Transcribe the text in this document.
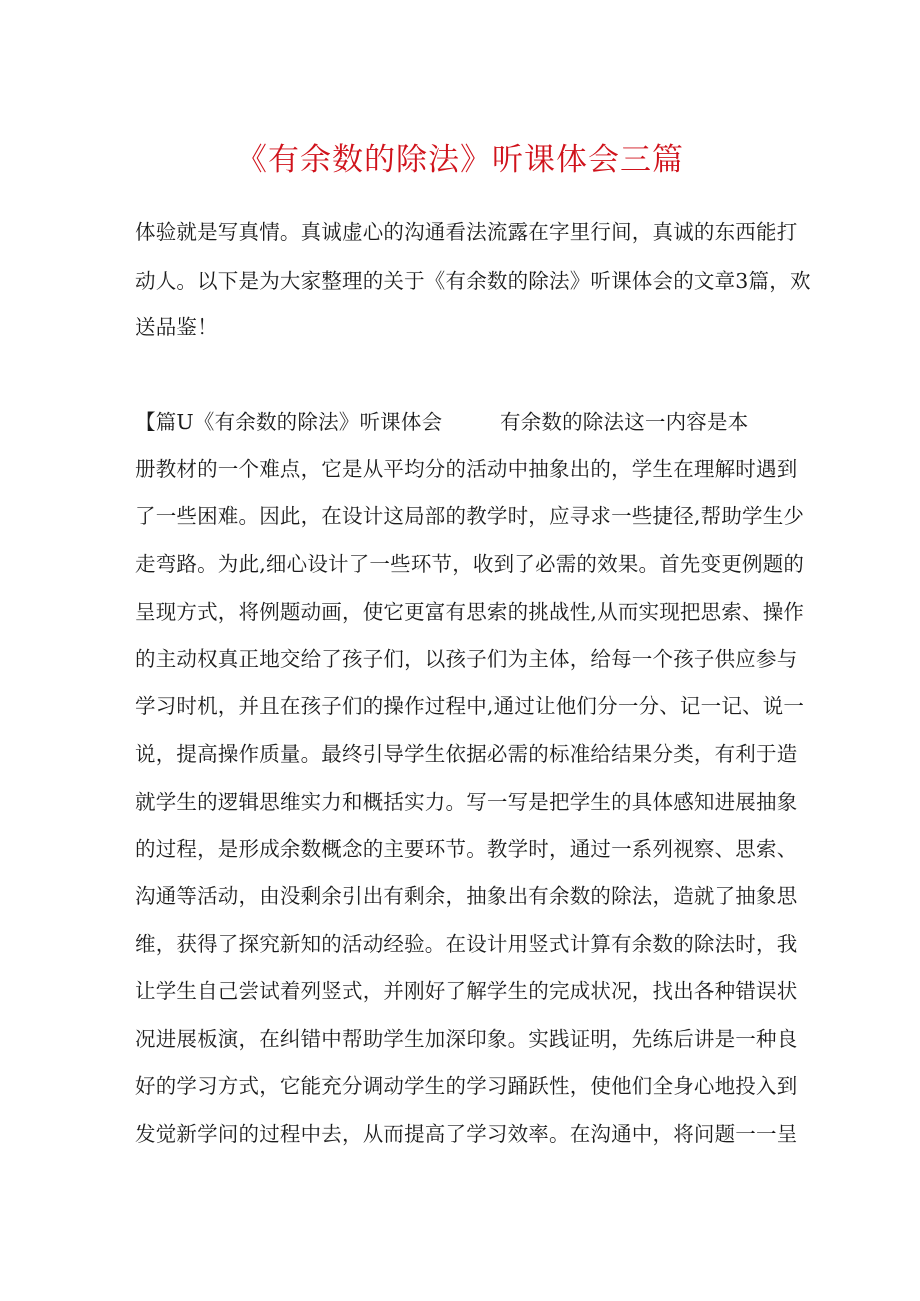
《有余数的除法》听课体会三篇
体验就是写真情。真诚虚心的沟通看法流露在字里行间，真诚的东西能打
动人。以下是为大家整理的关于《有余数的除法》听课体会的文章3篇，欢
送品鉴！
【篇U《有余数的除法》听课体会	有余数的除法这一内容是本
册教材的一个难点，它是从平均分的活动中抽象出的，学生在理解时遇到
了一些困难。因此，在设计这局部的教学时，应寻求一些捷径,帮助学生少
走弯路。为此,细心设计了一些环节，收到了必需的效果。首先变更例题的
呈现方式，将例题动画，使它更富有思索的挑战性,从而实现把思索、操作
的主动权真正地交给了孩子们，以孩子们为主体，给每一个孩子供应参与
学习时机，并且在孩子们的操作过程中,通过让他们分一分、记一记、说一
说，提高操作质量。最终引导学生依据必需的标准给结果分类，有利于造
就学生的逻辑思维实力和概括实力。写一写是把学生的具体感知进展抽象
的过程，是形成余数概念的主要环节。教学时，通过一系列视察、思索、
沟通等活动，由没剩余引出有剩余，抽象出有余数的除法，造就了抽象思
维，获得了探究新知的活动经验。在设计用竖式计算有余数的除法时，我
让学生自己尝试着列竖式，并刚好了解学生的完成状况，找出各种错误状
况进展板演，在纠错中帮助学生加深印象。实践证明，先练后讲是一种良
好的学习方式，它能充分调动学生的学习踊跃性，使他们全身心地投入到
发觉新学问的过程中去，从而提高了学习效率。在沟通中，将问题一一呈
